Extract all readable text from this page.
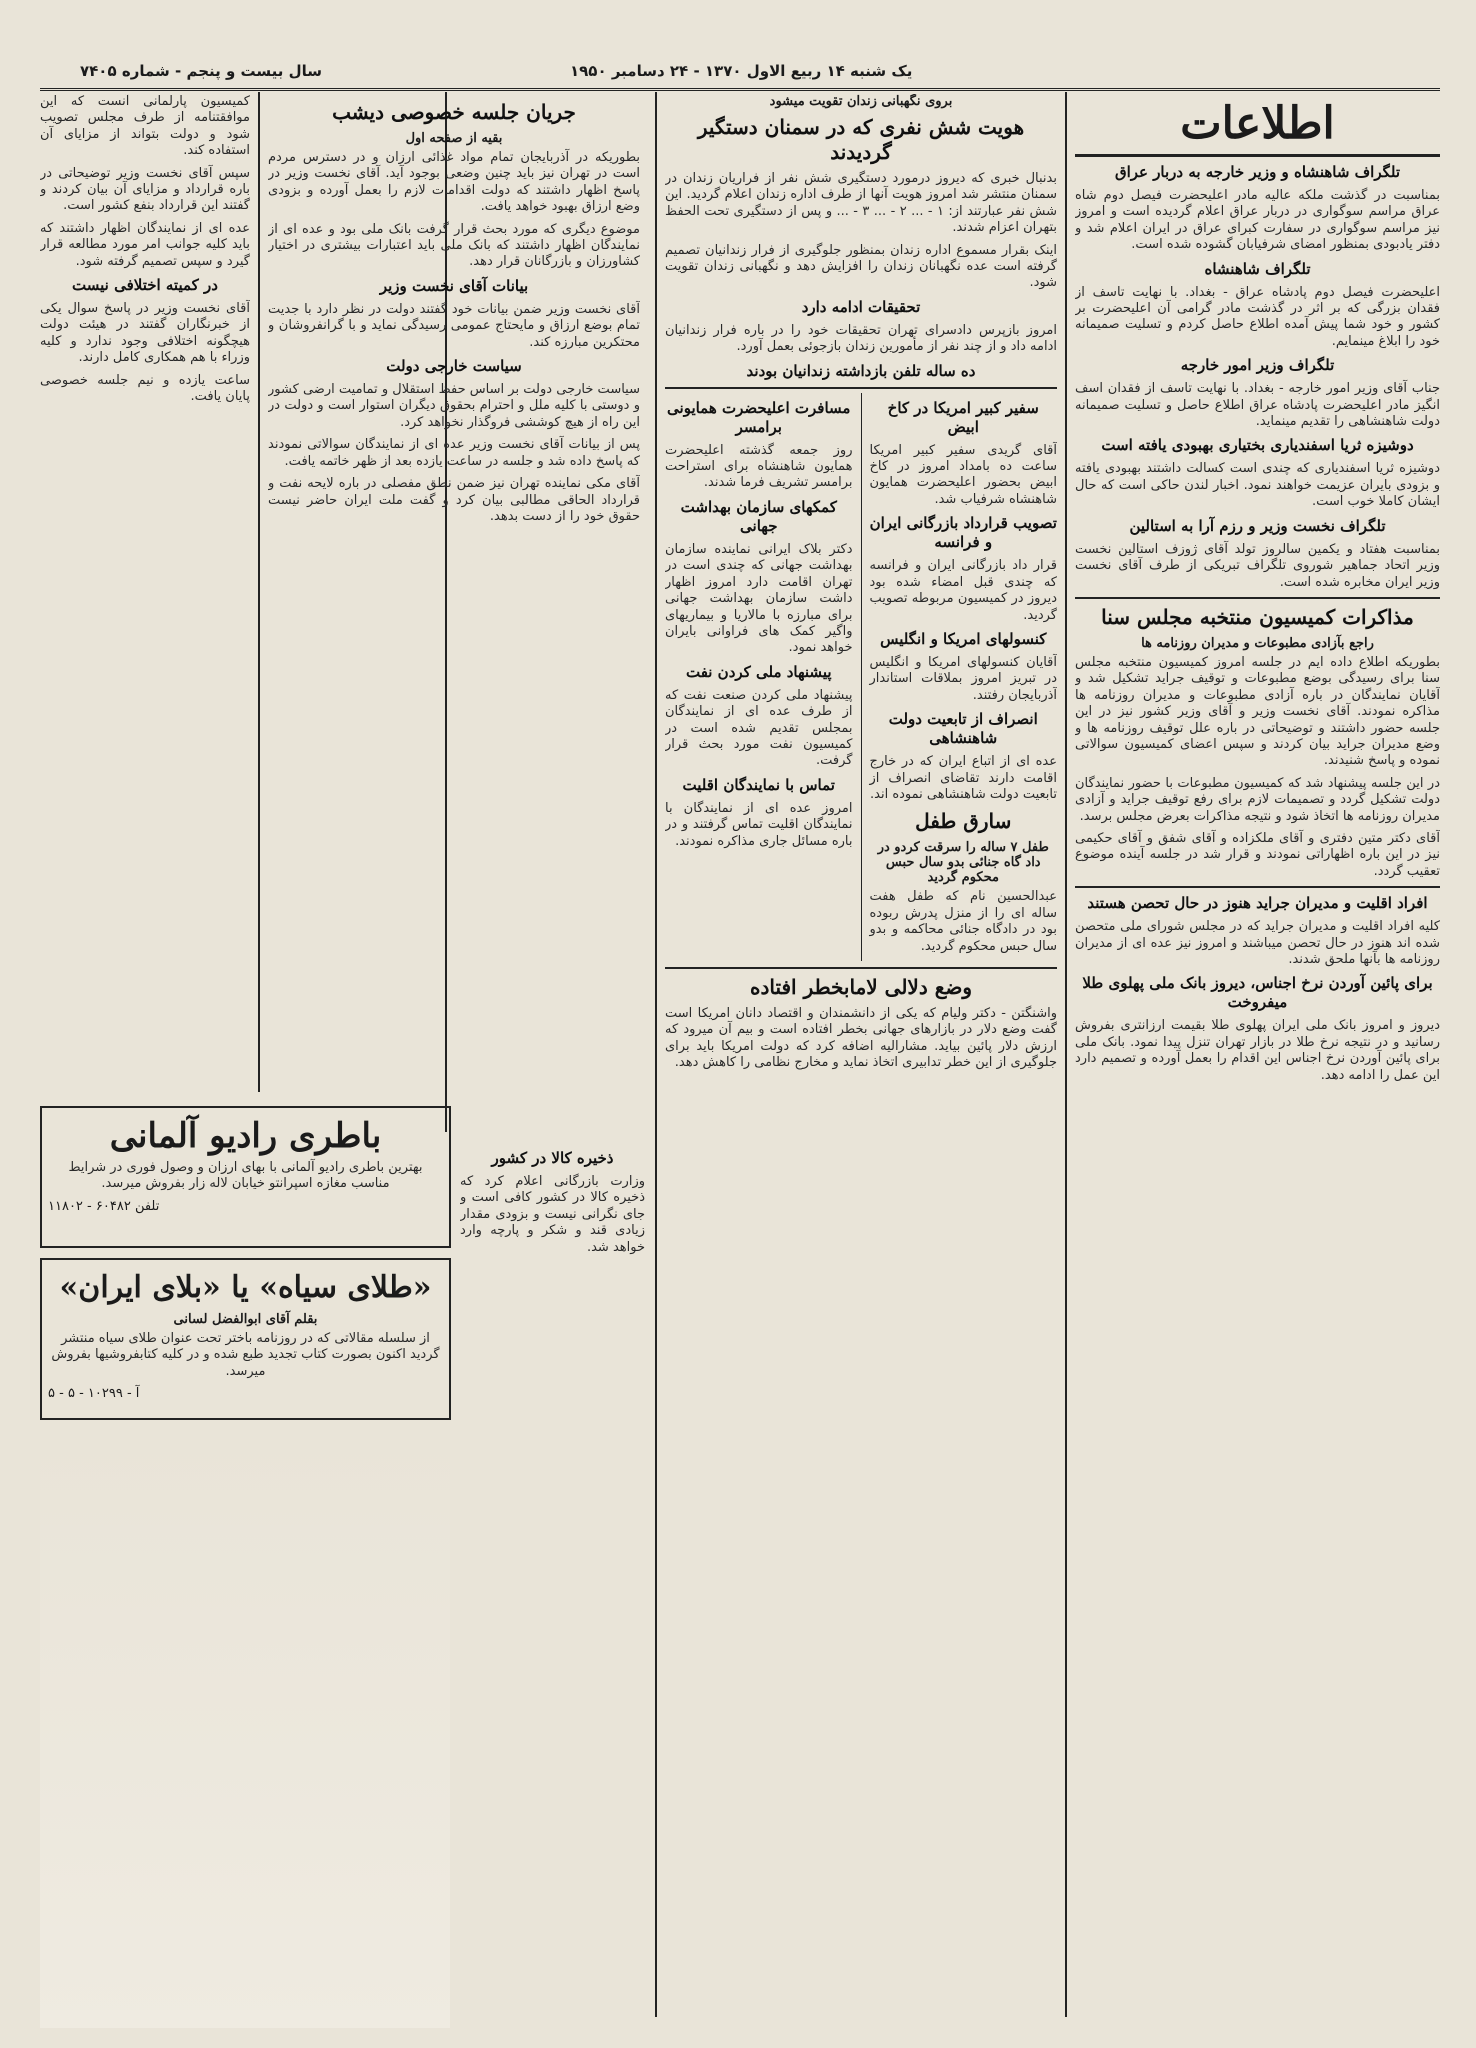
سال بیست و پنجم - شماره ۷۴۰۵	یک شنبه ۱۴ ربیع الاول ۱۳۷۰ - ۲۴ دسامبر ۱۹۵۰
اطلاعات
تلگراف شاهنشاه و وزیر خارجه به دربار عراق

بمناسبت در گذشت ملکه عالیه مادر اعلیحضرت فیصل دوم شاه عراق مراسم سوگواری در دربار عراق اعلام گردیده است و امروز نیز مراسم سوگواری در سفارت کبرای عراق در ایران اعلام شد و دفتر یادبودی بمنظور امضای شرفیابان گشوده شده است.

تلگراف شاهنشاه

اعلیحضرت فیصل دوم پادشاه عراق - بغداد. با نهایت تاسف از فقدان بزرگی که بر اثر در گذشت مادر گرامی آن اعلیحضرت بر کشور و خود شما پیش آمده اطلاع حاصل کردم و تسلیت صمیمانه خود را ابلاغ مینمایم.

تلگراف وزیر امور خارجه

جناب آقای وزیر امور خارجه - بغداد. با نهایت تاسف از فقدان اسف انگیز مادر اعلیحضرت پادشاه عراق اطلاع حاصل و تسلیت صمیمانه دولت شاهنشاهی را تقدیم مینماید.

دوشیزه ثریا اسفندیاری بختیاری بهبودی یافته است

دوشیزه ثریا اسفندیاری که چندی است کسالت داشتند بهبودی یافته و بزودی بایران عزیمت خواهند نمود. اخبار لندن حاکی است که حال ایشان کاملا خوب است.

تلگراف نخست وزیر و رزم آرا به استالین

بمناسبت هفتاد و یکمین سالروز تولد آقای ژوزف استالین نخست وزیر اتحاد جماهیر شوروی تلگراف تبریکی از طرف آقای نخست وزیر ایران مخابره شده است.

مذاکرات کمیسیون منتخبه مجلس سنا
راجع بآزادی مطبوعات و مدیران روزنامه ها

بطوریکه اطلاع داده ایم در جلسه امروز کمیسیون منتخبه مجلس سنا برای رسیدگی بوضع مطبوعات و توقیف جراید تشکیل شد و آقایان نمایندگان در باره آزادی مطبوعات و مدیران روزنامه ها مذاکره نمودند. آقای نخست وزیر و آقای وزیر کشور نیز در این جلسه حضور داشتند و توضیحاتی در باره علل توقیف روزنامه ها و وضع مدیران جراید بیان کردند و سپس اعضای کمیسیون سوالاتی نموده و پاسخ شنیدند.

در این جلسه پیشنهاد شد که کمیسیون مطبوعات با حضور نمایندگان دولت تشکیل گردد و تصمیمات لازم برای رفع توقیف جراید و آزادی مدیران روزنامه ها اتخاذ شود و نتیجه مذاکرات بعرض مجلس برسد.

آقای دکتر متین دفتری و آقای ملکزاده و آقای شفق و آقای حکیمی نیز در این باره اظهاراتی نمودند و قرار شد در جلسه آینده موضوع تعقیب گردد.

افراد اقلیت و مدیران جراید هنوز در حال تحصن هستند

کلیه افراد اقلیت و مدیران جراید که در مجلس شورای ملی متحصن شده اند هنوز در حال تحصن میباشند و امروز نیز عده ای از مدیران روزنامه ها بآنها ملحق شدند.

برای پائین آوردن نرخ اجناس، دیروز بانک ملی پهلوی طلا میفروخت

دیروز و امروز بانک ملی ایران پهلوی طلا بقیمت ارزانتری بفروش رسانید و در نتیجه نرخ طلا در بازار تهران تنزل پیدا نمود. بانک ملی برای پائین آوردن نرخ اجناس این اقدام را بعمل آورده و تصمیم دارد این عمل را ادامه دهد.

بروی نگهبانی زندان تقویت میشود
هویت شش نفری که در سمنان دستگیر گردیدند

بدنبال خبری که دیروز درمورد دستگیری شش نفر از فراریان زندان در سمنان منتشر شد امروز هویت آنها از طرف اداره زندان اعلام گردید. این شش نفر عبارتند از: ۱ - ... ۲ - ... ۳ - ... و پس از دستگیری تحت الحفظ بتهران اعزام شدند.

اینک بقرار مسموع اداره زندان بمنظور جلوگیری از فرار زندانیان تصمیم گرفته است عده نگهبانان زندان را افزایش دهد و نگهبانی زندان تقویت شود.

تحقیقات ادامه دارد

امروز بازپرس دادسرای تهران تحقیقات خود را در باره فرار زندانیان ادامه داد و از چند نفر از مأمورین زندان بازجوئی بعمل آورد.

ده ساله تلفن بازداشته زندانیان بودند
سفیر کبیر امریکا در کاخ ابیض

آقای گریدی سفیر کبیر امریکا ساعت ده بامداد امروز در کاخ ابیض بحضور اعلیحضرت همایون شاهنشاه شرفیاب شد.

تصویب قرارداد بازرگانی ایران و فرانسه

قرار داد بازرگانی ایران و فرانسه که چندی قبل امضاء شده بود دیروز در کمیسیون مربوطه تصویب گردید.

کنسولهای امریکا و انگلیس

آقایان کنسولهای امریکا و انگلیس در تبریز امروز بملاقات استاندار آذربایجان رفتند.

انصراف از تابعیت دولت شاهنشاهی

عده ای از اتباع ایران که در خارج اقامت دارند تقاضای انصراف از تابعیت دولت شاهنشاهی نموده اند.

سارق طفل
طفل ۷ ساله را سرقت کردو در داد گاه جنائی بدو سال حبس محکوم گردید

عبدالحسین نام که طفل هفت ساله ای را از منزل پدرش ربوده بود در دادگاه جنائی محاکمه و بدو سال حبس محکوم گردید.

مسافرت اعلیحضرت همایونی برامسر

روز جمعه گذشته اعلیحضرت همایون شاهنشاه برای استراحت برامسر تشریف فرما شدند.

کمکهای سازمان بهداشت جهانی

دکتر بلاک ایرانی نماینده سازمان بهداشت جهانی که چندی است در تهران اقامت دارد امروز اظهار داشت سازمان بهداشت جهانی برای مبارزه با مالاریا و بیماریهای واگیر کمک های فراوانی بایران خواهد نمود.

پیشنهاد ملی کردن نفت

پیشنهاد ملی کردن صنعت نفت که از طرف عده ای از نمایندگان بمجلس تقدیم شده است در کمیسیون نفت مورد بحث قرار گرفت.

تماس با نمایندگان اقلیت

امروز عده ای از نمایندگان با نمایندگان اقلیت تماس گرفتند و در باره مسائل جاری مذاکره نمودند.

وضع دلالی لامابخطر افتاده

واشنگتن - دکتر ولیام که یکی از دانشمندان و اقتصاد دانان امریکا است گفت وضع دلار در بازارهای جهانی بخطر افتاده است و بیم آن میرود که ارزش دلار پائین بیاید. مشارالیه اضافه کرد که دولت امریکا باید برای جلوگیری از این خطر تدابیری اتخاذ نماید و مخارج نظامی را کاهش دهد.

جریان جلسه خصوصی دیشب
بقیه از صفحه اول

بطوریکه در آذربایجان تمام مواد غذائی ارزان و در دسترس مردم است در تهران نیز باید چنین وضعی بوجود آید. آقای نخست وزیر در پاسخ اظهار داشتند که دولت اقدامات لازم را بعمل آورده و بزودی وضع ارزاق بهبود خواهد یافت.

موضوع دیگری که مورد بحث قرار گرفت بانک ملی بود و عده ای از نمایندگان اظهار داشتند که بانک ملی باید اعتبارات بیشتری در اختیار کشاورزان و بازرگانان قرار دهد.

بیانات آقای نخست وزیر

آقای نخست وزیر ضمن بیانات خود گفتند دولت در نظر دارد با جدیت تمام بوضع ارزاق و مایحتاج عمومی رسیدگی نماید و با گرانفروشان و محتکرین مبارزه کند.

سیاست خارجی دولت

سیاست خارجی دولت بر اساس حفظ استقلال و تمامیت ارضی کشور و دوستی با کلیه ملل و احترام بحقوق دیگران استوار است و دولت در این راه از هیچ کوششی فروگذار نخواهد کرد.

پس از بیانات آقای نخست وزیر عده ای از نمایندگان سوالاتی نمودند که پاسخ داده شد و جلسه در ساعت یازده بعد از ظهر خاتمه یافت.

آقای مکی نماینده تهران نیز ضمن نطق مفصلی در باره لایحه نفت و قرارداد الحاقی مطالبی بیان کرد و گفت ملت ایران حاضر نیست حقوق خود را از دست بدهد.

ذخیره کالا در کشور

وزارت بازرگانی اعلام کرد که ذخیره کالا در کشور کافی است و جای نگرانی نیست و بزودی مقدار زیادی قند و شکر و پارچه وارد خواهد شد.

کمیسیون پارلمانی آنست که این موافقتنامه از طرف مجلس تصویب شود و دولت بتواند از مزایای آن استفاده کند.

سپس آقای نخست وزیر توضیحاتی در باره قرارداد و مزایای آن بیان کردند و گفتند این قرارداد بنفع کشور است.

عده ای از نمایندگان اظهار داشتند که باید کلیه جوانب امر مورد مطالعه قرار گیرد و سپس تصمیم گرفته شود.

در کمیته اختلافی نیست

آقای نخست وزیر در پاسخ سوال یکی از خبرنگاران گفتند در هیئت دولت هیچگونه اختلافی وجود ندارد و کلیه وزراء با هم همکاری کامل دارند.

ساعت یازده و نیم جلسه خصوصی پایان یافت.

باطری رادیو آلمانی

بهترین باطری رادیو آلمانی با بهای ارزان و وصول فوری در شرایط مناسب مغازه اسپرانتو خیابان لاله زار بفروش میرسد.

تلفن ۶۰۴۸۲ - ۱۱۸۰۲
«طلای سیاه» یا «بلای ایران»
بقلم آقای ابوالفضل لسانی

از سلسله مقالاتی که در روزنامه باختر تحت عنوان طلای سیاه منتشر گردید اکنون بصورت کتاب تجدید طبع شده و در کلیه کتابفروشیها بفروش میرسد.

آ - ۱۰۲۹۹ - ۵ - ۵
